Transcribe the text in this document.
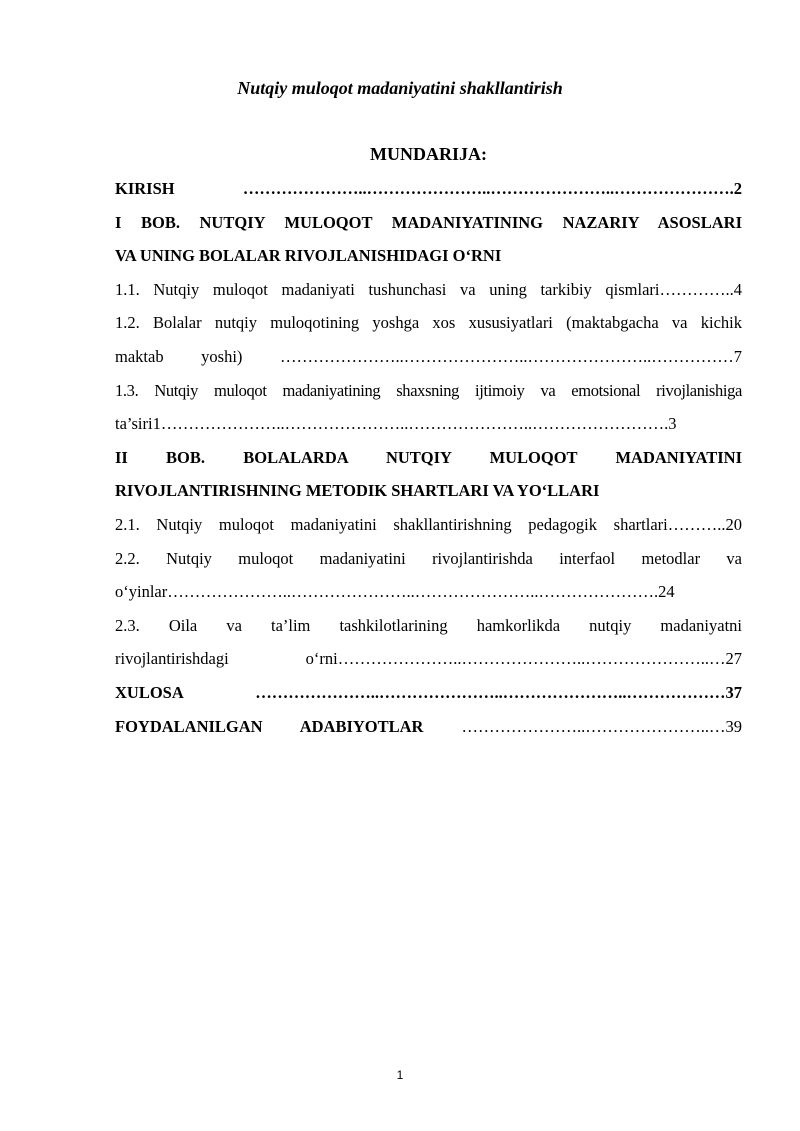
Nutqiy muloqot madaniyatini shakllantirish
MUNDARIJA:

KIRISH …………………..…………………..…………………..………………….2

I BOB. NUTQIY MULOQOT MADANIYATINING NAZARIY ASOSLARI

VA UNING BOLALAR RIVOJLANISHIDAGI O‘RNI

1.1. Nutqiy muloqot madaniyati tushunchasi va uning tarkibiy qismlari…………..4

1.2. Bolalar nutqiy muloqotining yoshga xos xususiyatlari (maktabgacha va kichik

maktab yoshi) …………………..…………………..…………………..……………7

1.3. Nutqiy muloqot madaniyatining shaxsning ijtimoiy va emotsional rivojlanishiga

ta’siri1…………………..…………………..…………………..…………………….3

II BOB. BOLALARDA NUTQIY MULOQOT MADANIYATINI

RIVOJLANTIRISHNING METODIK SHARTLARI VA YO‘LLARI

2.1. Nutqiy muloqot madaniyatini shakllantirishning pedagogik shartlari………..20

2.2. Nutqiy muloqot madaniyatini rivojlantirishda interfaol metodlar va

o‘yinlar…………………..…………………..…………………..………………….24

2.3. Oila va ta’lim tashkilotlarining hamkorlikda nutqiy madaniyatni

rivojlantirishdagi o‘rni…………………..…………………..…………………..…27

XULOSA …………………..…………………..…………………..………………37

FOYDALANILGAN ADABIYOTLAR …………………..…………………..…39

1
